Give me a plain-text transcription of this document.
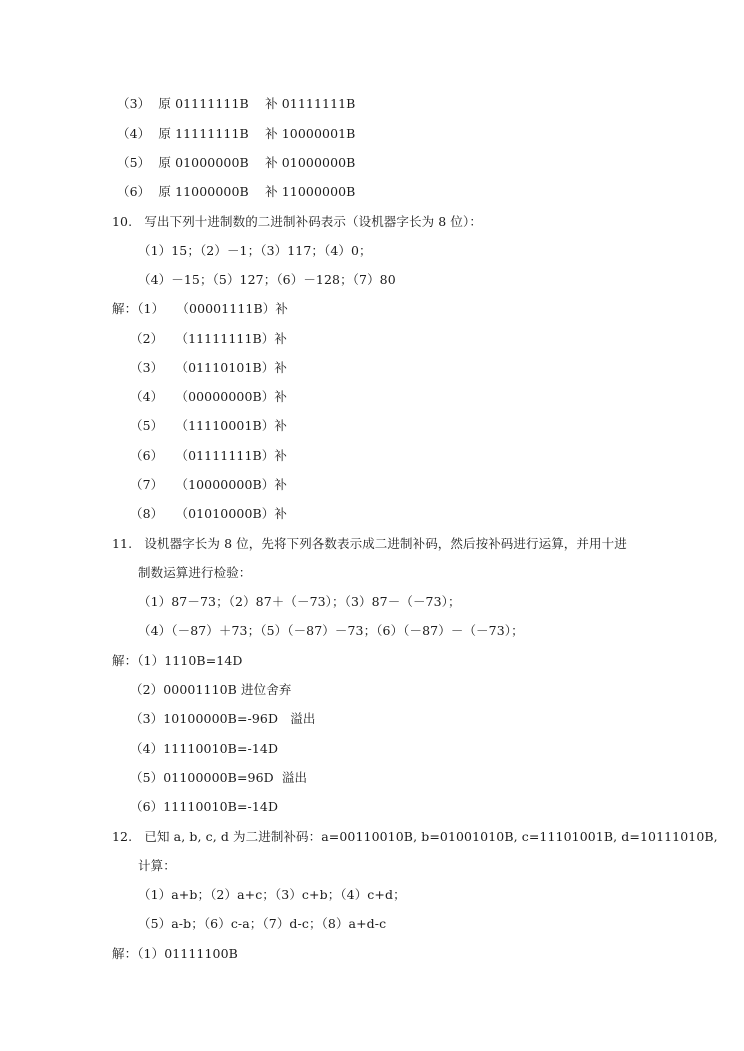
（3）  原 01111111B    补 01111111B
（4）  原 11111111B    补 10000001B
（5）  原 01000000B    补 01000000B
（6）  原 11000000B    补 11000000B
10.   写出下列十进制数的二进制补码表示（设机器字长为 8 位）：
（1）15；（2）－1；（3）117；（4）0；
（4）－15；（5）127；（6）－128；（7）80
解：（1）   （00001111B）补
（2）   （11111111B）补
（3）   （01110101B）补
（4）   （00000000B）补
（5）   （11110001B）补
（6）   （01111111B）补
（7）   （10000000B）补
（8）   （01010000B）补
11.   设机器字长为 8 位，先将下列各数表示成二进制补码，然后按补码进行运算，并用十进
制数运算进行检验：
（1）87－73；（2）87＋（－73）；（3）87－（－73）；
（4）（－87）＋73；（5）（－87）－73；（6）（－87）－（－73）；
解：（1）1110B=14D
（2）00001110B 进位舍弃
（3）10100000B=-96D   溢出
（4）11110010B=-14D
（5）01100000B=96D  溢出
（6）11110010B=-14D
12.   已知 a, b, c, d 为二进制补码：a=00110010B, b=01001010B, c=11101001B, d=10111010B,
计算：
（1）a+b；（2）a+c；（3）c+b；（4）c+d；
（5）a-b；（6）c-a；（7）d-c；（8）a+d-c
解：（1）01111100B
